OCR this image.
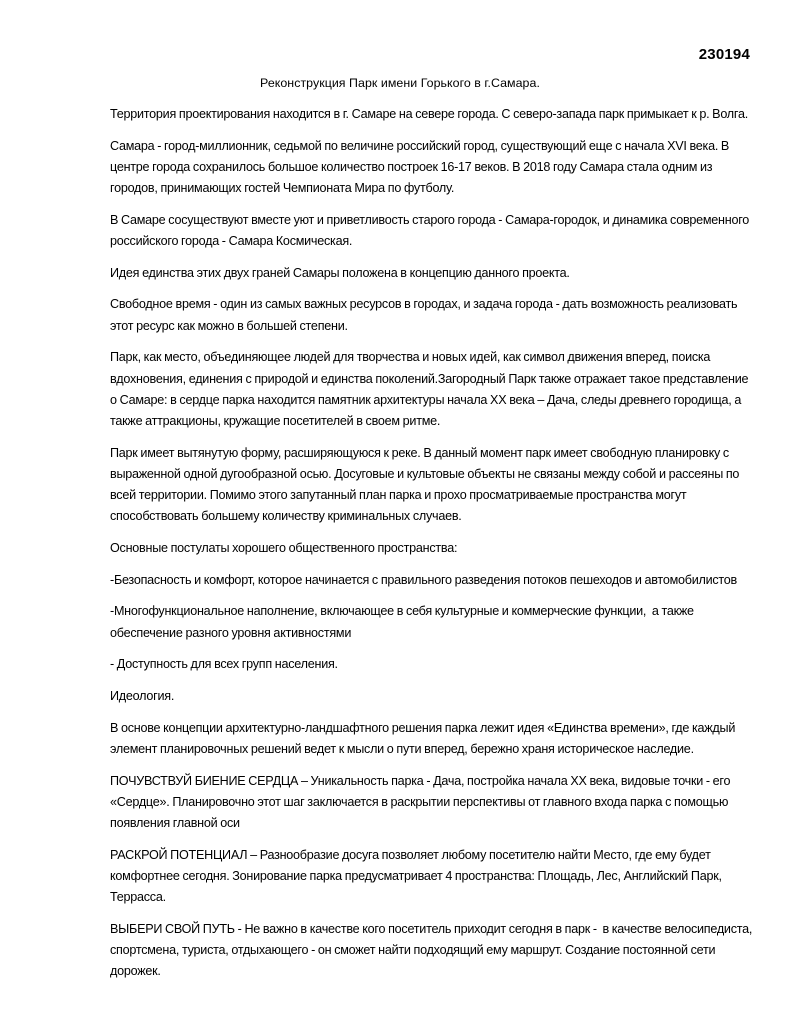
230194
Реконструкция Парк имени Горького в г.Самара.

Территория проектирования находится в г. Самаре на севере города. С северо-запада парк примыкает к р. Волга.

Самара - город-миллионник, седьмой по величине российский город, существующий еще с начала XVI века. В центре города сохранилось большое количество построек 16-17 веков. В 2018 году Самара стала одним из городов, принимающих гостей Чемпионата Мира по футболу.

В Самаре сосуществуют вместе уют и приветливость старого города - Самара-городок, и динамика современного российского города - Самара Космическая.

Идея единства этих двух граней Самары положена в концепцию данного проекта.

Свободное время - один из самых важных ресурсов в городах, и задача города - дать возможность реализовать этот ресурс как можно в большей степени.

Парк, как место, объединяющее людей для творчества и новых идей, как символ движения вперед, поиска вдохновения, единения с природой и единства поколений.Загородный Парк также отражает такое представление о Самаре: в сердце парка находится памятник архитектуры начала XX века – Дача, следы древнего городища, а также аттракционы, кружащие посетителей в своем ритме.

Парк имеет вытянутую форму, расширяющуюся к реке. В данный момент парк имеет свободную планировку с выраженной одной дугообразной осью. Досуговые и культовые объекты не связаны между собой и рассеяны по всей территории. Помимо этого запутанный план парка и прохо просматриваемые пространства могут способствовать большему количеству криминальных случаев.

Основные постулаты хорошего общественного пространства:

-Безопасность и комфорт, которое начинается с правильного разведения потоков пешеходов и автомобилистов

-Многофункциональное наполнение, включающее в себя культурные и коммерческие функции,  а также обеспечение разного уровня активностями

- Доступность для всех групп населения.

Идеология.

В основе концепции архитектурно-ландшафтного решения парка лежит идея «Единства времени», где каждый элемент планировочных решений ведет к мысли о пути вперед, бережно храня историческое наследие.

ПОЧУВСТВУЙ БИЕНИЕ СЕРДЦА – Уникальность парка - Дача, постройка начала XX века, видовые точки - его «Сердце». Планировочно этот шаг заключается в раскрытии перспективы от главного входа парка с помощью появления главной оси

РАСКРОЙ ПОТЕНЦИАЛ – Разнообразие досуга позволяет любому посетителю найти Место, где ему будет комфортнее сегодня. Зонирование парка предусматривает 4 пространства: Площадь, Лес, Английский Парк, Террасса.

ВЫБЕРИ СВОЙ ПУТЬ - Не важно в качестве кого посетитель приходит сегодня в парк -  в качестве велосипедиста, спортсмена, туриста, отдыхающего - он сможет найти подходящий ему маршрут. Создание постоянной сети дорожек.
